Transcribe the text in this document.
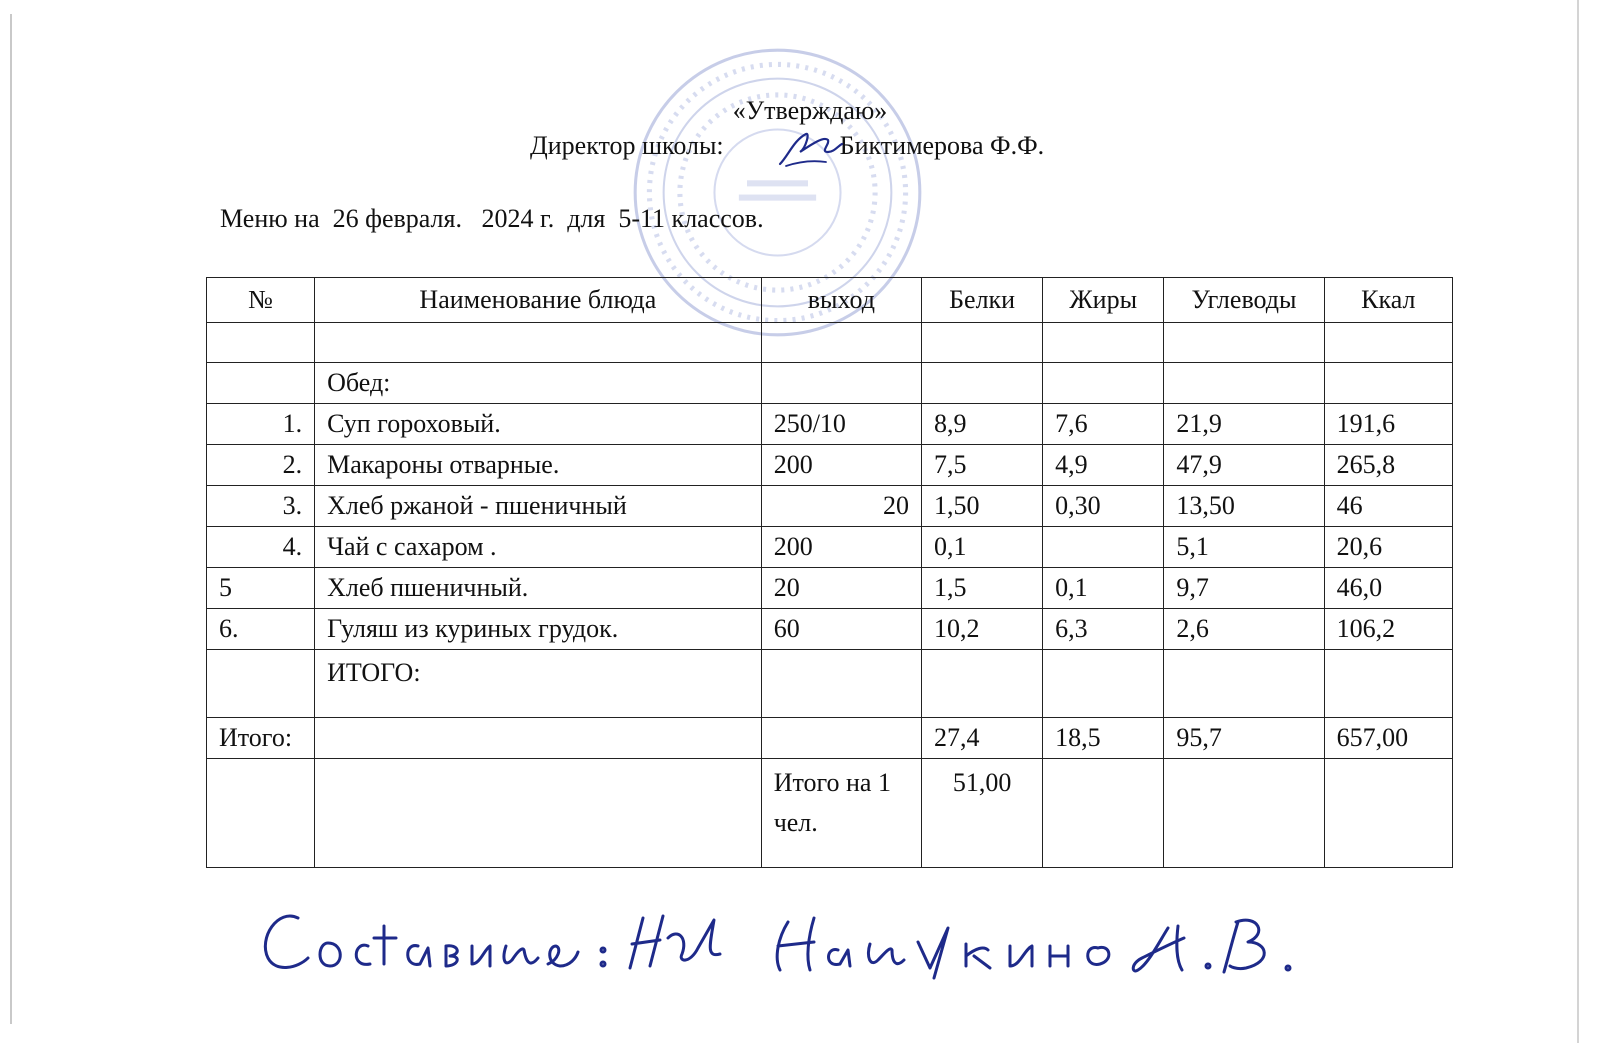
«Утверждаю»
Директор школы:	Биктимерова Ф.Ф.
Меню на  26 февраля.   2024 г.  для  5-11 классов.
№	Наименование блюда	выход	Белки	Жиры	Углеводы	Ккал

	Обед:					
1.	Суп гороховый.	250/10	8,9	7,6	21,9	191,6
2.	Макароны отварные.	200	7,5	4,9	47,9	265,8
3.	Хлеб ржаной - пшеничный	20	1,50	0,30	13,50	46
4.	Чай с сахаром .	200	0,1		5,1	20,6
5	Хлеб пшеничный.	20	1,5	0,1	9,7	46,0
6.	Гуляш из куриных грудок.	60	10,2	6,3	2,6	106,2
	ИТОГО:					
Итого:			27,4	18,5	95,7	657,00
		Итого на 1 чел.	51,00			
